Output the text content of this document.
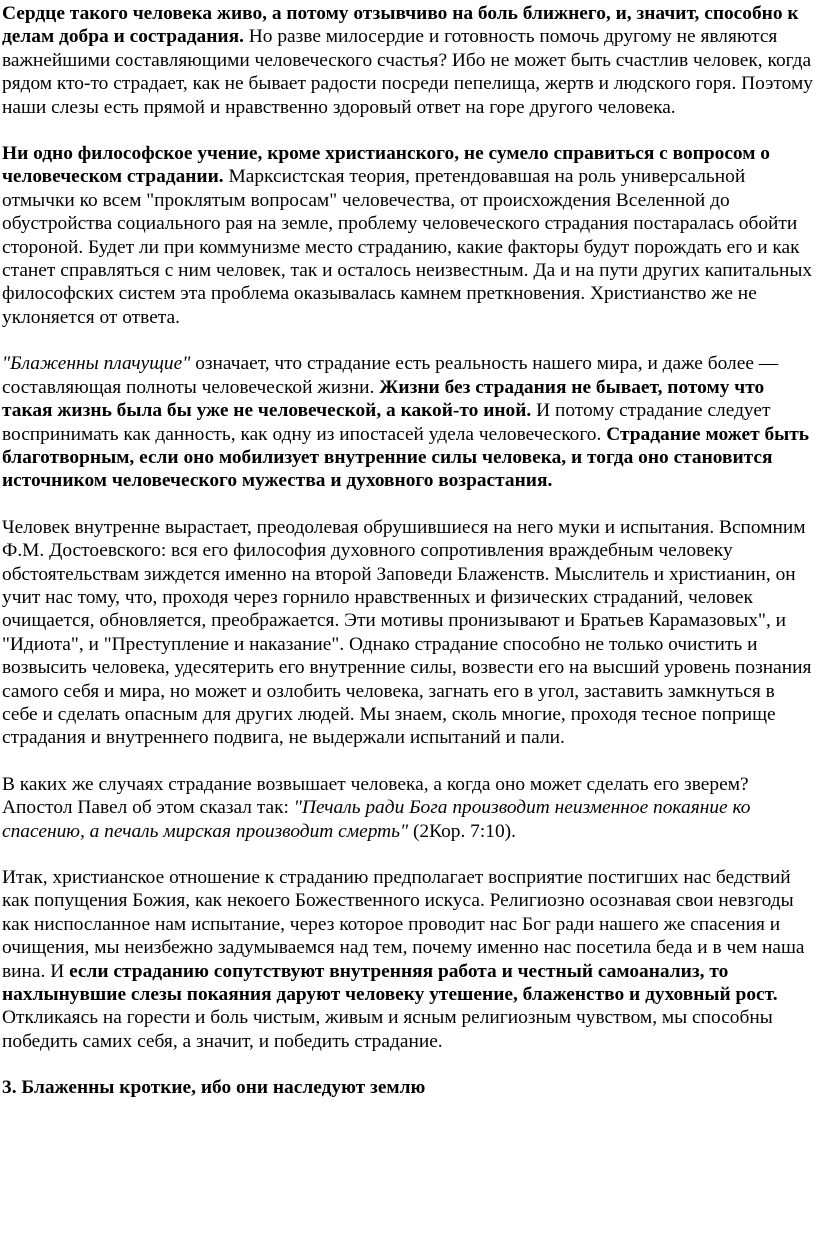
Сердце такого человека живо, а потому отзывчиво на боль ближнего, и, значит, способно к делам добра и сострадания. Но разве милосердие и готовность помочь другому не являются важнейшими составляющими человеческого счастья? Ибо не может быть счастлив человек, когда рядом кто-то страдает, как не бывает радости посреди пепелища, жертв и людского горя. Поэтому наши слезы есть прямой и нравственно здоровый ответ на горе другого человека.

Ни одно философское учение, кроме христианского, не сумело справиться с вопросом о человеческом страдании. Марксистская теория, претендовавшая на роль универсальной отмычки ко всем "проклятым вопросам" человечества, от происхождения Вселенной до обустройства социального рая на земле, проблему человеческого страдания постаралась обойти стороной. Будет ли при коммунизме место страданию, какие факторы будут порождать его и как станет справляться с ним человек, так и осталось неизвестным. Да и на пути других капитальных философских систем эта проблема оказывалась камнем преткновения. Христианство же не уклоняется от ответа.

"Блаженны плачущие" означает, что страдание есть реальность нашего мира, и даже более — составляющая полноты человеческой жизни. Жизни без страдания не бывает, потому что такая жизнь была бы уже не человеческой, а какой-то иной. И потому страдание следует воспринимать как данность, как одну из ипостасей удела человеческого. Страдание может быть благотворным, если оно мобилизует внутренние силы человека, и тогда оно становится источником человеческого мужества и духовного возрастания.

Человек внутренне вырастает, преодолевая обрушившиеся на него муки и испытания. Вспомним Ф.М. Достоевского: вся его философия духовного сопротивления враждебным человеку обстоятельствам зиждется именно на второй Заповеди Блаженств. Мыслитель и христианин, он учит нас тому, что, проходя через горнило нравственных и физических страданий, человек очищается, обновляется, преображается. Эти мотивы пронизывают и Братьев Карамазовых", и "Идиота", и "Преступление и наказание". Однако страдание способно не только очистить и возвысить человека, удесятерить его внутренние силы, возвести его на высший уровень познания самого себя и мира, но может и озлобить человека, загнать его в угол, заставить замкнуться в себе и сделать опасным для других людей. Мы знаем, сколь многие, проходя тесное поприще страдания и внутреннего подвига, не выдержали испытаний и пали.

В каких же случаях страдание возвышает человека, а когда оно может сделать его зверем? Апостол Павел об этом сказал так: "Печаль ради Бога производит неизменное покаяние ко спасению, а печаль мирская производит смерть" (2Кор. 7:10).

Итак, христианское отношение к страданию предполагает восприятие постигших нас бедствий как попущения Божия, как некоего Божественного искуса. Религиозно осознавая свои невзгоды как ниспосланное нам испытание, через которое проводит нас Бог ради нашего же спасения и очищения, мы неизбежно задумываемся над тем, почему именно нас посетила беда и в чем наша вина. И если страданию сопутствуют внутренняя работа и честный самоанализ, то нахлынувшие слезы покаяния даруют человеку утешение, блаженство и духовный рост. Откликаясь на горести и боль чистым, живым и ясным религиозным чувством, мы способны победить самих себя, а значит, и победить страдание.

3. Блаженны кроткие, ибо они наследуют землю
